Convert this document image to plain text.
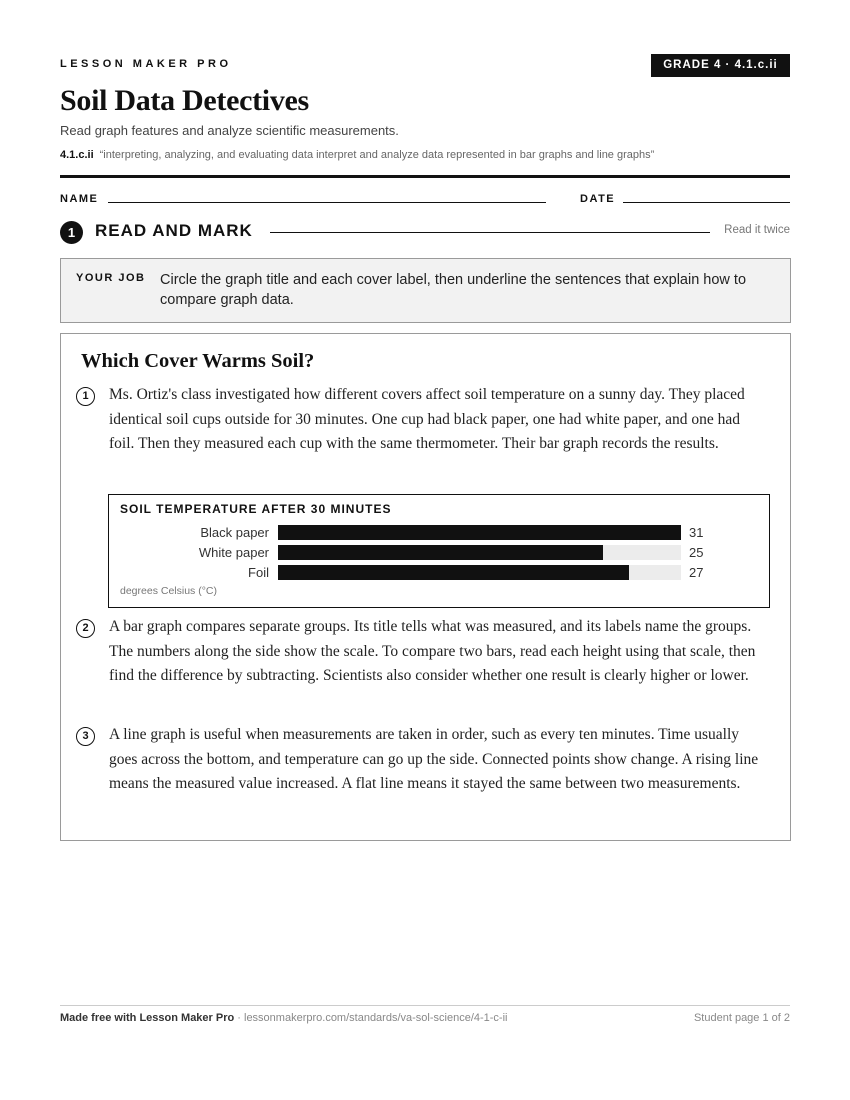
LESSON MAKER PRO	GRADE 4 · 4.1.c.ii
Soil Data Detectives
Read graph features and analyze scientific measurements.
4.1.c.ii “interpreting, analyzing, and evaluating data interpret and analyze data represented in bar graphs and line graphs”
NAME	DATE
1	READ AND MARK	Read it twice
YOUR JOB Circle the graph title and each cover label, then underline the sentences that explain how to compare graph data.
Which Cover Warms Soil?
1	Ms. Ortiz's class investigated how different covers affect soil temperature on a sunny day. They placed identical soil cups outside for 30 minutes. One cup had black paper, one had white paper, and one had foil. Then they measured each cup with the same thermometer. Their bar graph records the results.
SOIL TEMPERATURE AFTER 30 MINUTES
Black paper	31
White paper	25
Foil	27
degrees Celsius (°C)
2	A bar graph compares separate groups. Its title tells what was measured, and its labels name the groups. The numbers along the side show the scale. To compare two bars, read each height using that scale, then find the difference by subtracting. Scientists also consider whether one result is clearly higher or lower.
3	A line graph is useful when measurements are taken in order, such as every ten minutes. Time usually goes across the bottom, and temperature can go up the side. Connected points show change. A rising line means the measured value increased. A flat line means it stayed the same between two measurements.
Made free with Lesson Maker Pro · lessonmakerpro.com/standards/va-sol-science/4-1-c-ii	Student page 1 of 2
